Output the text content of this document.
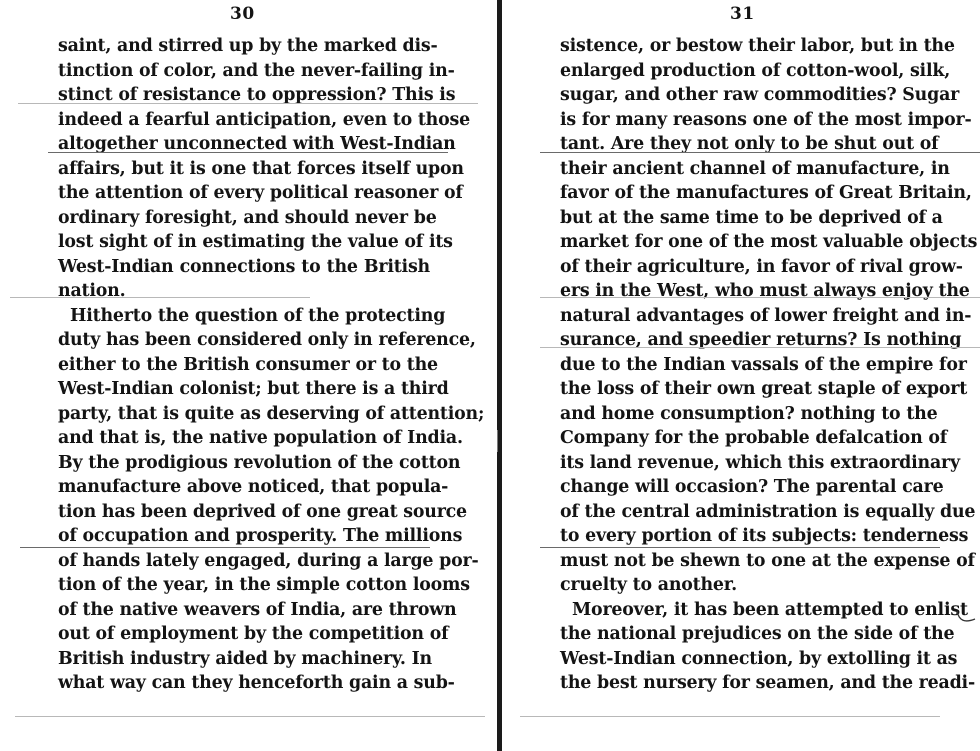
30
saint, and stirred up by the marked dis-
tinction of color, and the never-failing in-
stinct of resistance to oppression? This is
indeed a fearful anticipation, even to those
altogether unconnected with West-Indian
affairs, but it is one that forces itself upon
the attention of every political reasoner of
ordinary foresight, and should never be
lost sight of in estimating the value of its
West-Indian connections to the British
nation.
Hitherto the question of the protecting
duty has been considered only in reference,
either to the British consumer or to the
West-Indian colonist; but there is a third
party, that is quite as deserving of attention;
and that is, the native population of India.
By the prodigious revolution of the cotton
manufacture above noticed, that popula-
tion has been deprived of one great source
of occupation and prosperity. The millions
of hands lately engaged, during a large por-
tion of the year, in the simple cotton looms
of the native weavers of India, are thrown
out of employment by the competition of
British industry aided by machinery. In
what way can they henceforth gain a sub-
31
sistence, or bestow their labor, but in the
enlarged production of cotton-wool, silk,
sugar, and other raw commodities? Sugar
is for many reasons one of the most impor-
tant. Are they not only to be shut out of
their ancient channel of manufacture, in
favor of the manufactures of Great Britain,
but at the same time to be deprived of a
market for one of the most valuable objects
of their agriculture, in favor of rival grow-
ers in the West, who must always enjoy the
natural advantages of lower freight and in-
surance, and speedier returns? Is nothing
due to the Indian vassals of the empire for
the loss of their own great staple of export
and home consumption? nothing to the
Company for the probable defalcation of
its land revenue, which this extraordinary
change will occasion? The parental care
of the central administration is equally due
to every portion of its subjects: tenderness
must not be shewn to one at the expense of
cruelty to another.
Moreover, it has been attempted to enlist
the national prejudices on the side of the
West-Indian connection, by extolling it as
the best nursery for seamen, and the readi-
